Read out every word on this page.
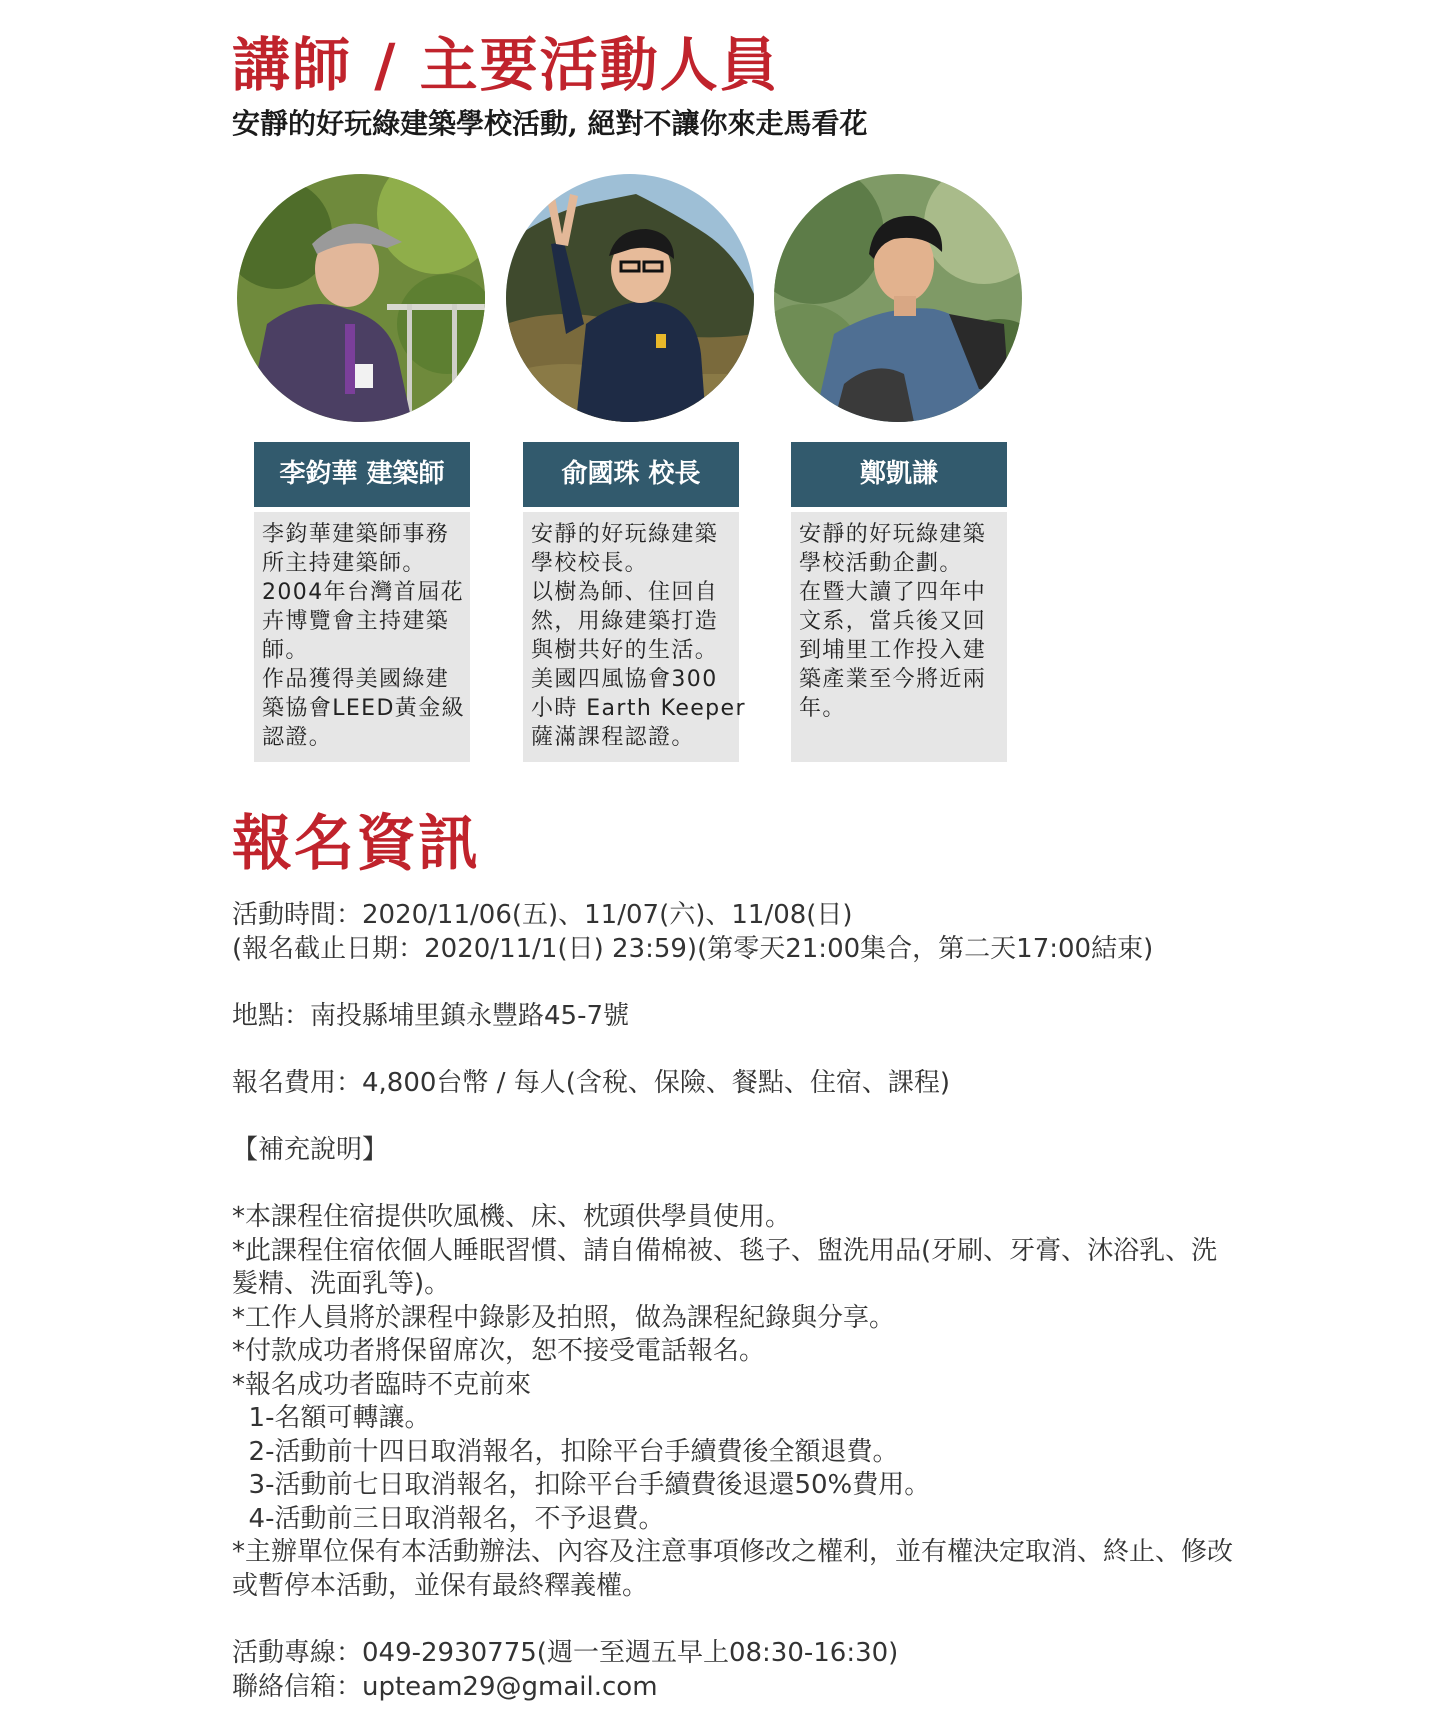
講師 / 主要活動人員
安靜的好玩綠建築學校活動, 絕對不讓你來走馬看花
李鈞華 建築師
李鈞華建築師事務
所主持建築師。
2004年台灣首屆花
卉博覽會主持建築
師。
作品獲得美國綠建
築協會LEED黃金級
認證。
俞國珠 校長
安靜的好玩綠建築
學校校長。
以樹為師、住回自
然，用綠建築打造
與樹共好的生活。
美國四風協會300
小時 Earth Keeper
薩滿課程認證。
鄭凱謙
安靜的好玩綠建築
學校活動企劃。
在暨大讀了四年中
文系，當兵後又回
到埔里工作投入建
築產業至今將近兩
年。
報名資訊
活動時間：2020/11/06(五)、11/07(六)、11/08(日)
(報名截止日期：2020/11/1(日) 23:59)(第零天21:00集合，第二天17:00結束)
地點：南投縣埔里鎮永豐路45-7號
報名費用：4,800台幣 / 每人(含稅、保險、餐點、住宿、課程)
【補充說明】
*本課程住宿提供吹風機、床、枕頭供學員使用。
*此課程住宿依個人睡眠習慣、請自備棉被、毯子、盥洗用品(牙刷、牙膏、沐浴乳、洗
髮精、洗面乳等)。
*工作人員將於課程中錄影及拍照，做為課程紀錄與分享。
*付款成功者將保留席次，恕不接受電話報名。
*報名成功者臨時不克前來
1-名額可轉讓。
2-活動前十四日取消報名，扣除平台手續費後全額退費。
3-活動前七日取消報名，扣除平台手續費後退還50%費用。
4-活動前三日取消報名，不予退費。
*主辦單位保有本活動辦法、內容及注意事項修改之權利，並有權決定取消、終止、修改
或暫停本活動，並保有最終釋義權。
活動專線：049-2930775(週一至週五早上08:30-16:30)
聯絡信箱：upteam29@gmail.com
